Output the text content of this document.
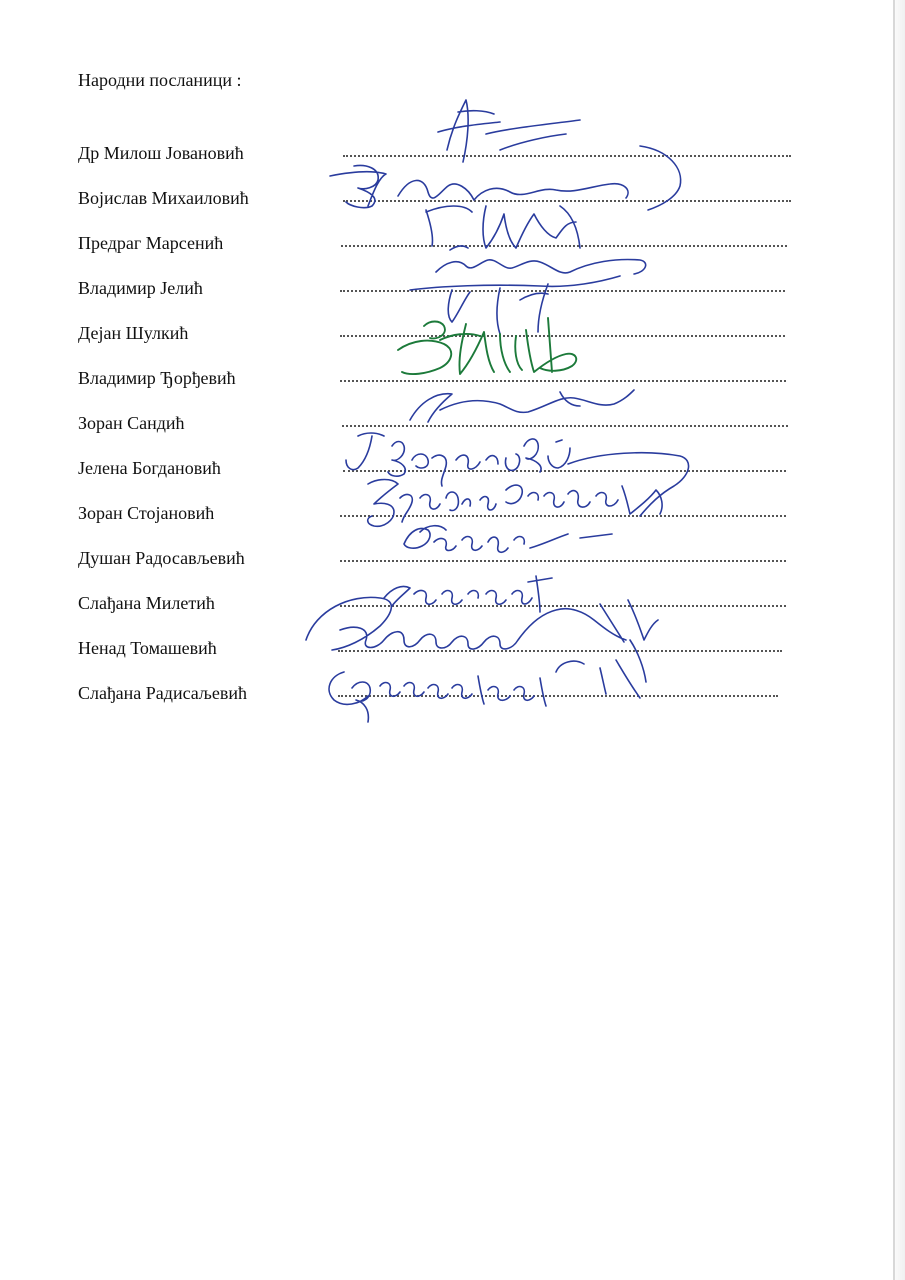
Народни посланици :
Др Милош Јовановић
Војислав Михаиловић
Предраг Марсенић
Владимир Јелић
Дејан Шулкић
Владимир Ђорђевић
Зоран Сандић
Јелена Богдановић
Зоран Стојановић
Душан Радосављевић
Слађана Милетић
Ненад Томашевић
Слађана Радисаљевић
